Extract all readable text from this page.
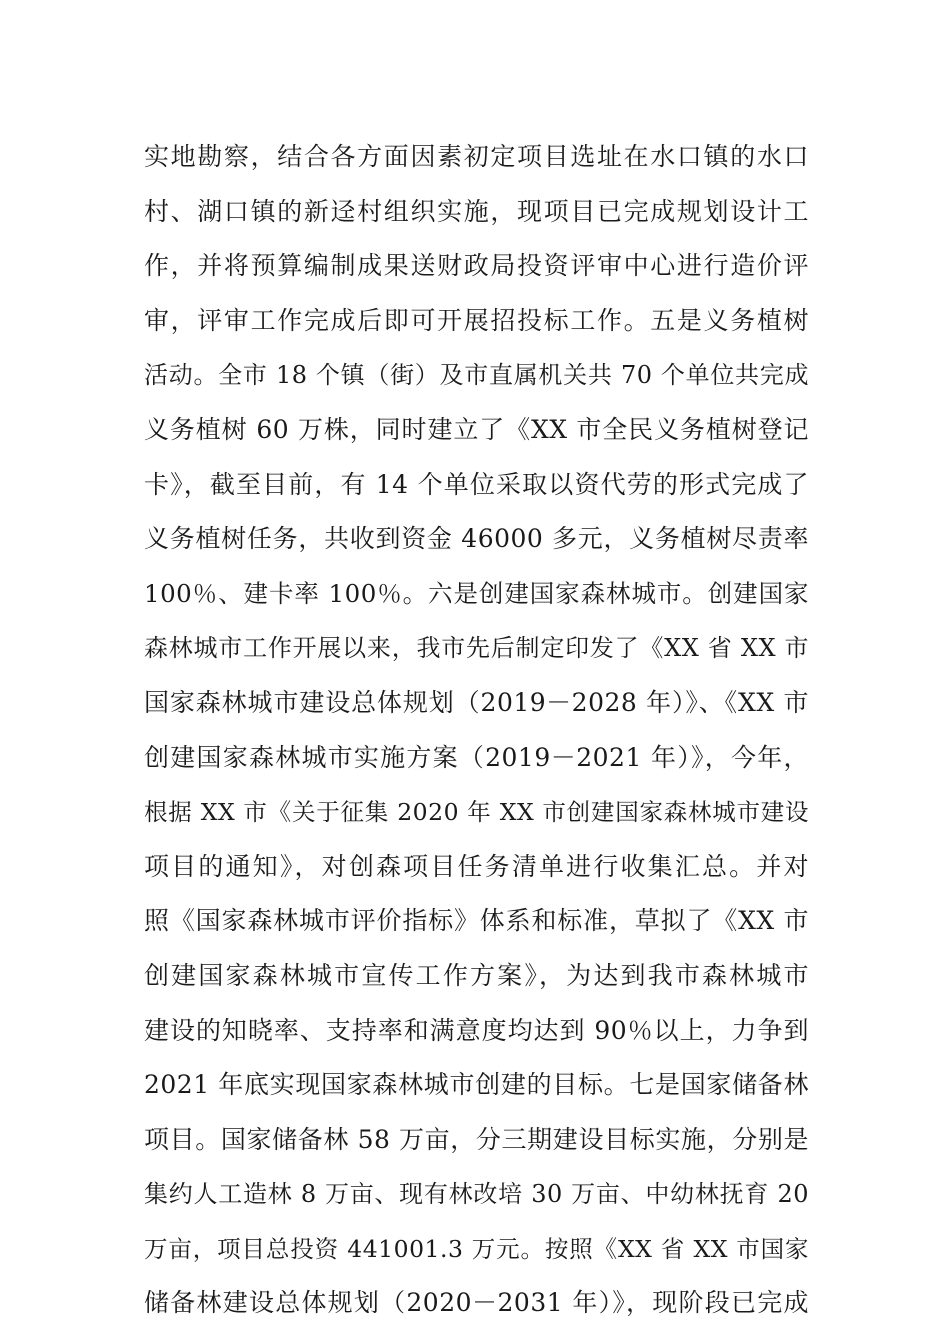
实地勘察，结合各方面因素初定项目选址在水口镇的水口
村、湖口镇的新迳村组织实施，现项目已完成规划设计工
作，并将预算编制成果送财政局投资评审中心进行造价评
审，评审工作完成后即可开展招投标工作。五是义务植树
活动。全市 18 个镇（街）及市直属机关共 70 个单位共完成
义务植树 60 万株，同时建立了《XX 市全民义务植树登记
卡》，截至目前，有 14 个单位采取以资代劳的形式完成了
义务植树任务，共收到资金 46000 多元，义务植树尽责率
100％、建卡率 100％。六是创建国家森林城市。创建国家
森林城市工作开展以来，我市先后制定印发了《XX 省 XX 市
国家森林城市建设总体规划（2019－2028 年）》、《XX 市
创建国家森林城市实施方案（2019－2021 年）》，今年，
根据 XX 市《关于征集 2020 年 XX 市创建国家森林城市建设
项目的通知》，对创森项目任务清单进行收集汇总。并对
照《国家森林城市评价指标》体系和标准，草拟了《XX 市
创建国家森林城市宣传工作方案》，为达到我市森林城市
建设的知晓率、支持率和满意度均达到 90％以上，力争到
2021 年底实现国家森林城市创建的目标。七是国家储备林
项目。国家储备林 58 万亩，分三期建设目标实施，分别是
集约人工造林 8 万亩、现有林改培 30 万亩、中幼林抚育 20
万亩，项目总投资 441001.3 万元。按照《XX 省 XX 市国家
储备林建设总体规划（2020－2031 年）》，现阶段已完成
